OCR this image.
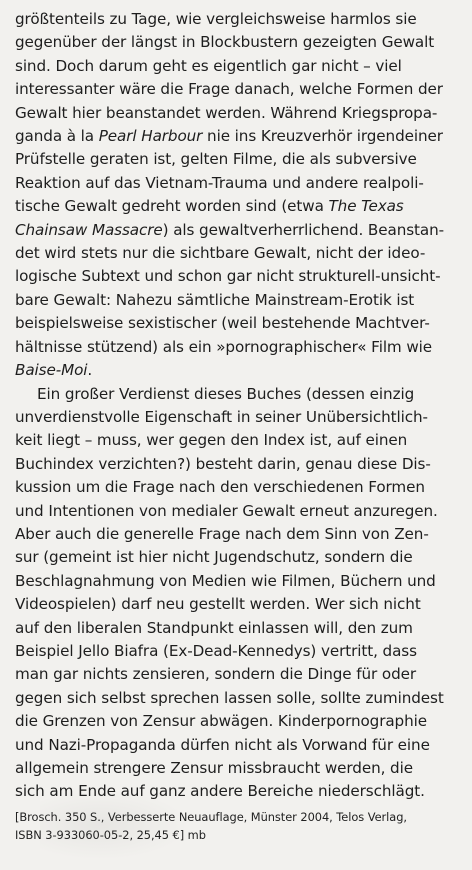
größtenteils zu Tage, wie vergleichsweise harmlos sie
gegenüber der längst in Blockbustern gezeigten Gewalt
sind. Doch darum geht es eigentlich gar nicht – viel
interessanter wäre die Frage danach, welche Formen der
Gewalt hier beanstandet werden. Während Kriegspropa-
ganda à la Pearl Harbour nie ins Kreuzverhör irgendeiner
Prüfstelle geraten ist, gelten Filme, die als subversive
Reaktion auf das Vietnam-Trauma und andere realpoli-
tische Gewalt gedreht worden sind (etwa The Texas
Chainsaw Massacre) als gewaltverherrlichend. Beanstan-
det wird stets nur die sichtbare Gewalt, nicht der ideo-
logische Subtext und schon gar nicht strukturell-unsicht-
bare Gewalt: Nahezu sämtliche Mainstream-Erotik ist
beispielsweise sexistischer (weil bestehende Machtver-
hältnisse stützend) als ein »pornographischer« Film wie
Baise-Moi.

Ein großer Verdienst dieses Buches (dessen einzig
unverdienstvolle Eigenschaft in seiner Unübersichtlich-
keit liegt – muss, wer gegen den Index ist, auf einen
Buchindex verzichten?) besteht darin, genau diese Dis-
kussion um die Frage nach den verschiedenen Formen
und Intentionen von medialer Gewalt erneut anzuregen.
Aber auch die generelle Frage nach dem Sinn von Zen-
sur (gemeint ist hier nicht Jugendschutz, sondern die
Beschlagnahmung von Medien wie Filmen, Büchern und
Videospielen) darf neu gestellt werden. Wer sich nicht
auf den liberalen Standpunkt einlassen will, den zum
Beispiel Jello Biafra (Ex-Dead-Kennedys) vertritt, dass
man gar nichts zensieren, sondern die Dinge für oder
gegen sich selbst sprechen lassen solle, sollte zumindest
die Grenzen von Zensur abwägen. Kinderpornographie
und Nazi-Propaganda dürfen nicht als Vorwand für eine
allgemein strengere Zensur missbraucht werden, die
sich am Ende auf ganz andere Bereiche niederschlägt.

[Brosch. 350 S., Verbesserte Neuauflage, Münster 2004, Telos Verlag,
ISBN 3-933060-05-2, 25,45 €] mb
